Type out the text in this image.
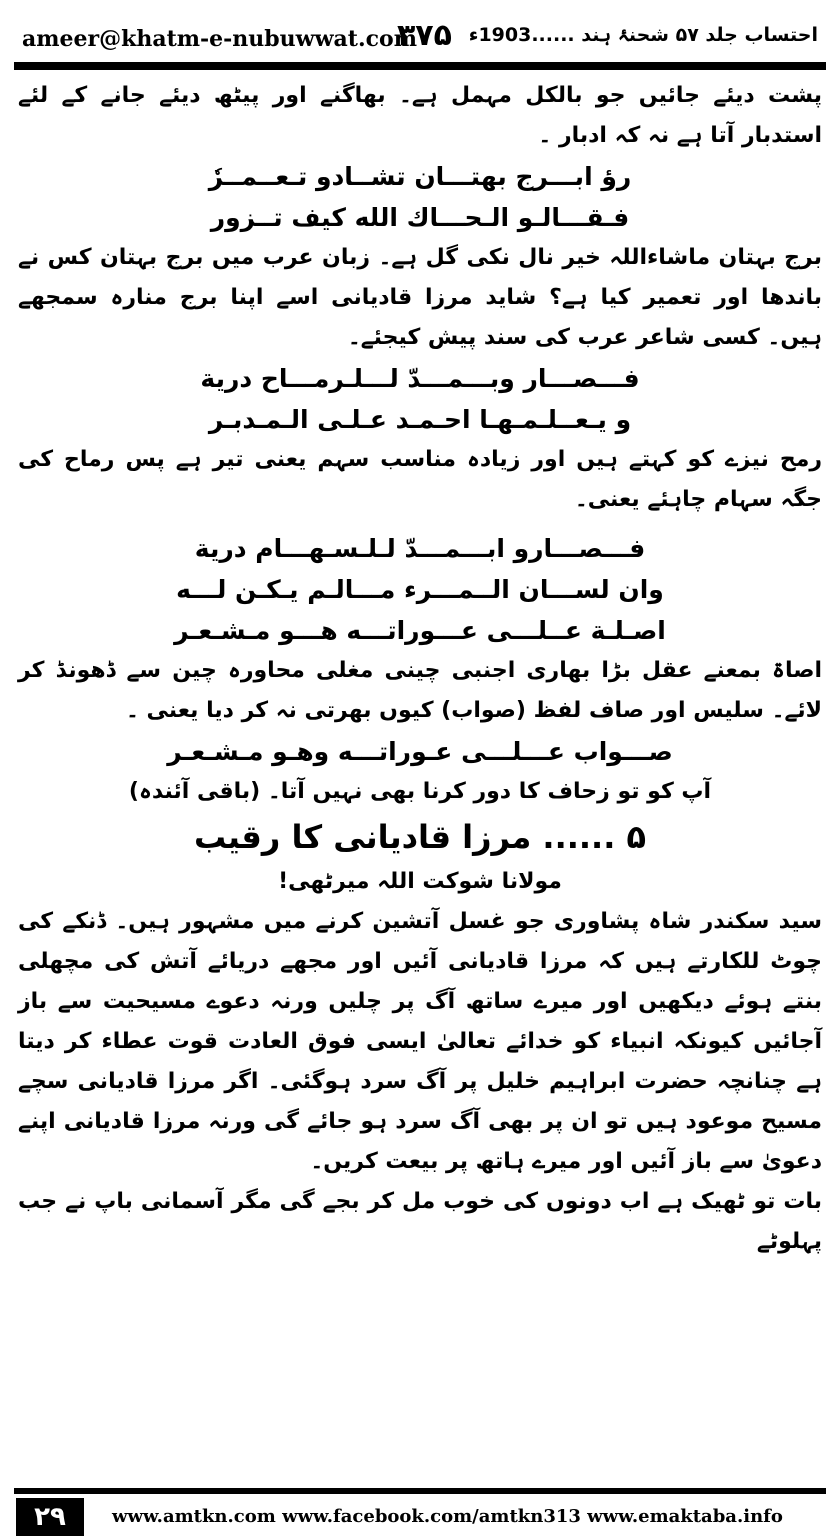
ameer@khatm-e-nubuwwat.com
۳۷۵ احتساب جلد ۵۷ شحنۂ ہند ......1903ء

پشت دیئے جائیں جو بالکل مہمل ہے۔ بھاگنے اور پیٹھ دیئے جانے کے لئے استدبار آتا ہے نہ کہ ادبار ۔

رؤ ابـــرج بهتـــان تشــادو تـعــمــرٗ

فـقـــالـو الـحـــاك الله كيف تــزور

برج بہتان ماشاءاللہ خیر نال نکی گل ہے۔ زبان عرب میں برج بہتان کس نے باندھا اور تعمیر کیا ہے؟ شاید مرزا قادیانی اسے اپنا برج منارہ سمجھے ہیں۔ کسی شاعر عرب کی سند پیش کیجئے۔

فـــصـــار وبـــمـــدّ لـــلـرمـــاح درية

و يـعــلـمـهـا احـمـد عـلـى الـمـدبـر

رمح نیزے کو کہتے ہیں اور زیادہ مناسب سہم یعنی تیر ہے پس رماح کی جگہ سہام چاہئے یعنی۔

فـــصـــارو ابـــمـــدّ لـلـسـهـــام درية

وان لســـان الــمـــرء مـــالـم يـكـن لـــه

اصـلـة عــلـــى عـــوراتـــه هـــو مـشـعـر

اصاۃ بمعنے عقل بڑا بھاری اجنبی چینی مغلی محاورہ چین سے ڈھونڈ کر لائے۔ سلیس اور صاف لفظ (صواب) کیوں بھرتی نہ کر دیا یعنی ۔

صـــواب عـــلـــى عـوراتـــه وهـو مـشـعـر

آپ کو تو زحاف کا دور کرنا بھی نہیں آتا۔ (باقی آئندہ)

۵ ...... مرزا قادیانی کا رقیب

مولانا شوکت اللہ میرٹھی!

سید سکندر شاہ پشاوری جو غسل آتشین کرنے میں مشہور ہیں۔ ڈنکے کی چوٹ للکارتے ہیں کہ مرزا قادیانی آئیں اور مجھے دریائے آتش کی مچھلی بنتے ہوئے دیکھیں اور میرے ساتھ آگ پر چلیں ورنہ دعوے مسیحیت سے باز آجائیں کیونکہ انبیاء کو خدائے تعالیٰ ایسی فوق العادت قوت عطاء کر دیتا ہے چنانچہ حضرت ابراہیم خلیل پر آگ سرد ہوگئی۔ اگر مرزا قادیانی سچے مسیح موعود ہیں تو ان پر بھی آگ سرد ہو جائے گی ورنہ مرزا قادیانی اپنے دعویٰ سے باز آئیں اور میرے ہاتھ پر بیعت کریں۔

بات تو ٹھیک ہے اب دونوں کی خوب مل کر بجے گی مگر آسمانی باپ نے جب پہلوٹے

۲۹	www.amtkn.com www.facebook.com/amtkn313 www.emaktaba.info
